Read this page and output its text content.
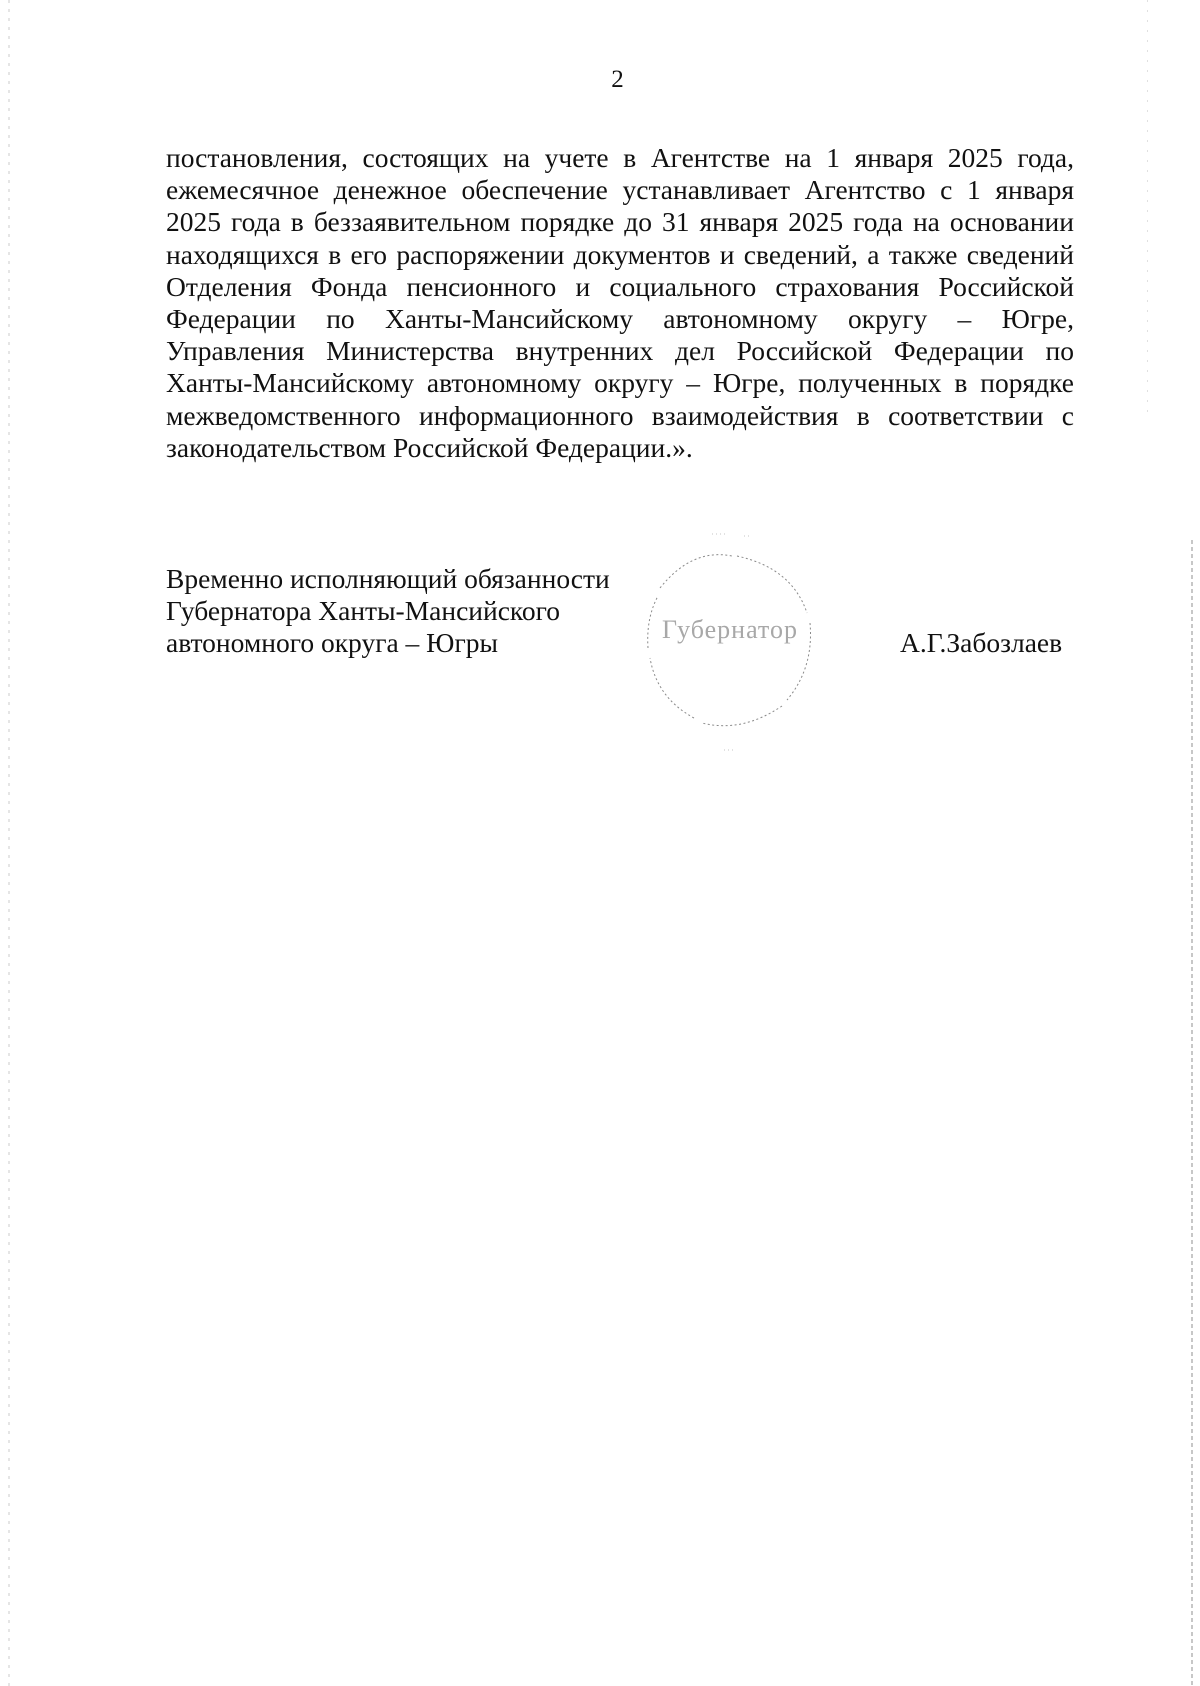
2

постановления, состоящих на учете в Агентстве на 1 января 2025 года, ежемесячное денежное обеспечение устанавливает Агентство с 1 января 2025 года в беззаявительном порядке до 31 января 2025 года на основании находящихся в его распоряжении документов и сведений, а также сведений Отделения Фонда пенсионного и социального страхования Российской Федерации по Ханты-Мансийскому автономному округу – Югре, Управления Министерства внутренних дел Российской Федерации по Ханты-Мансийскому автономному округу – Югре, полученных в порядке межведомственного информационного взаимодействия в соответствии с законодательством Российской Федерации.».

Временно исполняющий обязанности
Губернатора Ханты-Мансийского
автономного округа – Югры	Губернатор	А.Г.Забозлаев
